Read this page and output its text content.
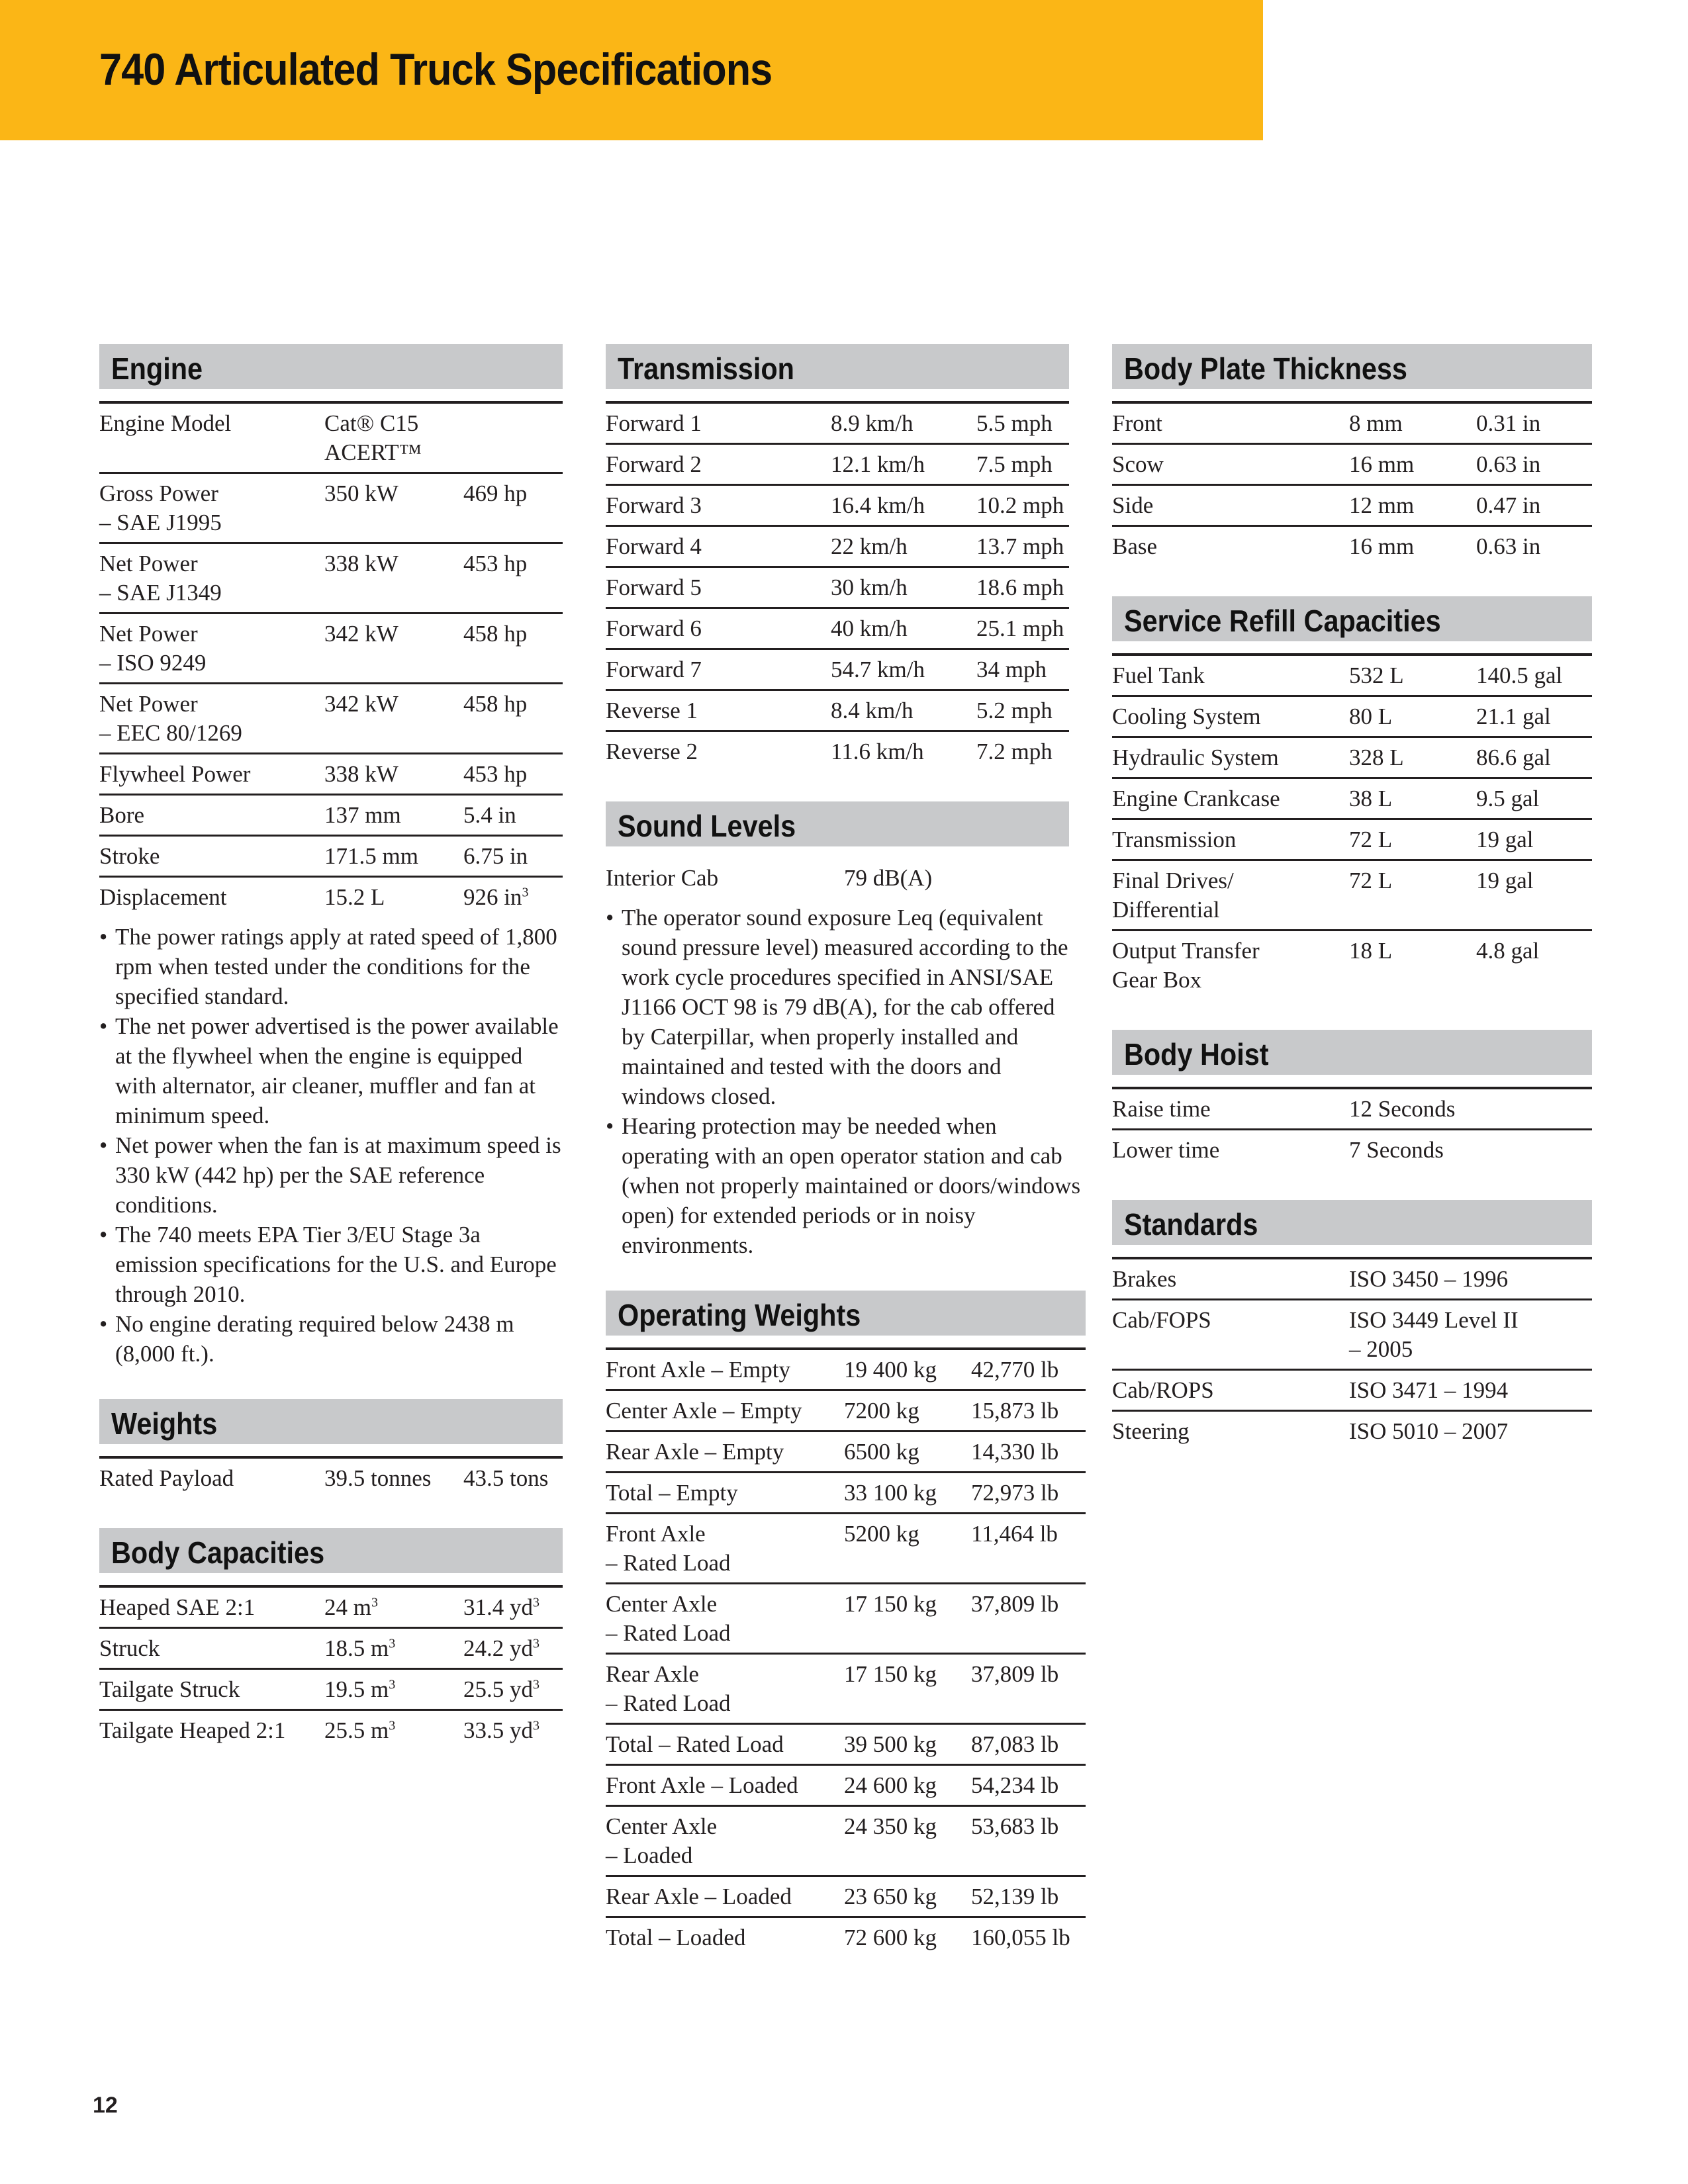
740 Articulated Truck Specifications
Engine
Engine Model	Cat® C15 ACERT™
Gross Power
– SAE J1995
350 kW	469 hp
Net Power
– SAE J1349
338 kW	453 hp
Net Power
– ISO 9249
342 kW	458 hp
Net Power
– EEC 80/1269
342 kW	458 hp
Flywheel Power	338 kW	453 hp
Bore	137 mm	5.4 in
Stroke	171.5 mm	6.75 in
Displacement	15.2 L	926 $in^3$
• The power ratings apply at rated speed of 1,800 rpm when tested under the conditions for the specified standard.
• The net power advertised is the power available at the flywheel when the engine is equipped with alternator, air cleaner, muffler and fan at minimum speed.
• Net power when the fan is at maximum speed is 330 kW (442 hp) per the SAE reference conditions.
• The 740 meets EPA Tier 3/EU Stage 3a emission specifications for the U.S. and Europe through 2010.
• No engine derating required below 2438 m (8,000 ft.).
Weights
Rated Payload	39.5 tonnes	43.5 tons
Body Capacities
Heaped SAE 2:1	24 $m^3$	31.4 $yd^3$
Struck	18.5 $m^3$	24.2 $yd^3$
Tailgate Struck	19.5 $m^3$	25.5 $yd^3$
Tailgate Heaped 2:1	25.5 $m^3$	33.5 $yd^3$
Transmission
Forward 1	8.9 km/h	5.5 mph
Forward 2	12.1 km/h	7.5 mph
Forward 3	16.4 km/h	10.2 mph
Forward 4	22 km/h	13.7 mph
Forward 5	30 km/h	18.6 mph
Forward 6	40 km/h	25.1 mph
Forward 7	54.7 km/h	34 mph
Reverse 1	8.4 km/h	5.2 mph
Reverse 2	11.6 km/h	7.2 mph
Sound Levels
Interior Cab	79 dB(A)
• The operator sound exposure Leq (equivalent sound pressure level) measured according to the work cycle procedures specified in ANSI/SAE J1166 OCT 98 is 79 dB(A), for the cab offered by Caterpillar, when properly installed and maintained and tested with the doors and windows closed.
• Hearing protection may be needed when operating with an open operator station and cab (when not properly maintained or doors/windows open) for extended periods or in noisy environments.
Operating Weights
Front Axle – Empty	19 400 kg	42,770 lb
Center Axle – Empty	7200 kg	15,873 lb
Rear Axle – Empty	6500 kg	14,330 lb
Total – Empty	33 100 kg	72,973 lb
Front Axle
– Rated Load
5200 kg	11,464 lb
Center Axle
– Rated Load
17 150 kg	37,809 lb
Rear Axle
– Rated Load
17 150 kg	37,809 lb
Total – Rated Load	39 500 kg	87,083 lb
Front Axle – Loaded	24 600 kg	54,234 lb
Center Axle
– Loaded
24 350 kg	53,683 lb
Rear Axle – Loaded	23 650 kg	52,139 lb
Total – Loaded	72 600 kg	160,055 lb
Body Plate Thickness
Front	8 mm	0.31 in
Scow	16 mm	0.63 in
Side	12 mm	0.47 in
Base	16 mm	0.63 in
Service Refill Capacities
Fuel Tank	532 L	140.5 gal
Cooling System	80 L	21.1 gal
Hydraulic System	328 L	86.6 gal
Engine Crankcase	38 L	9.5 gal
Transmission	72 L	19 gal
Final Drives/
Differential
72 L	19 gal
Output Transfer
Gear Box
18 L	4.8 gal
Body Hoist
Raise time	12 Seconds
Lower time	7 Seconds
Standards
Brakes	ISO 3450 – 1996
Cab/FOPS	ISO 3449 Level II
– 2005
Cab/ROPS	ISO 3471 – 1994
Steering	ISO 5010 – 2007
12
